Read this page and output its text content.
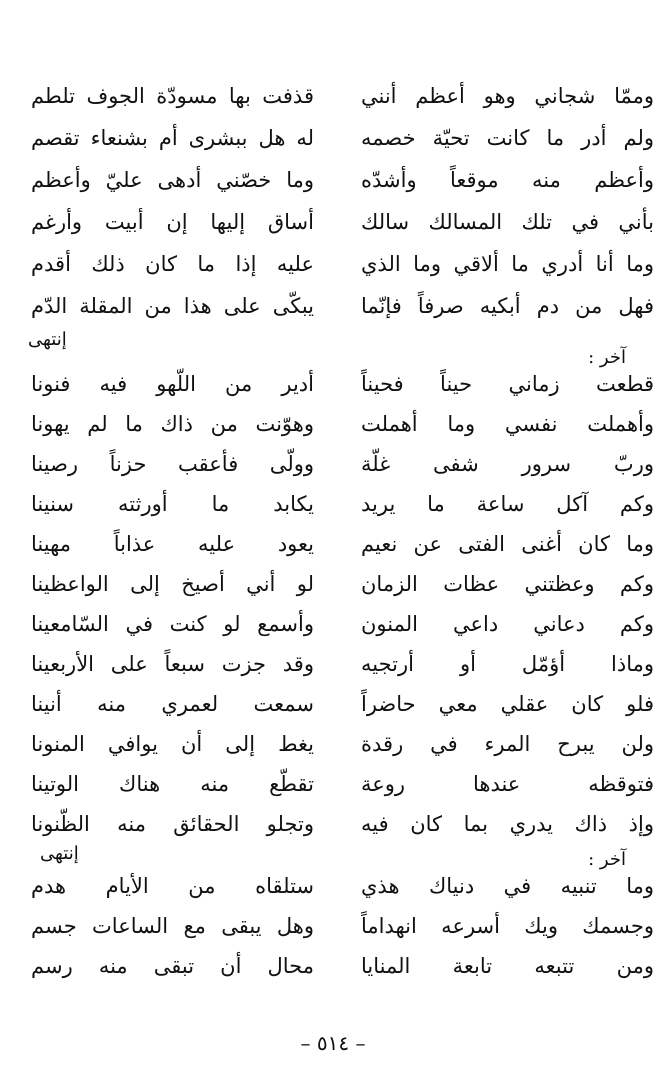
وممّا شجاني وهو أعظم أنني
قذفت بها مسودّة الجوف تلطم
ولم أدر ما كانت تحيّة خصمه
له هل ببشرى أم بشنعاء تقصم
وأعظم منه موقعاً وأشدّه
وما خصّني أدهى عليّ وأعظم
بأني في تلك المسالك سالك
أساق إليها إن أبيت وأرغم
وما أنا أدري ما ألاقي وما الذي
عليه إذا ما كان ذلك أقدم
فهل من دم أبكيه صرفاً فإنّما
يبكّى على هذا من المقلة الدّم
إنتهى
آخر :
قطعت زماني حيناً فحيناً
أدير من اللّهو فيه فنونا
وأهملت نفسي وما أهملت
وهوّنت من ذاك ما لم يهونا
وربّ سرور شفى غلّة
وولّى فأعقب حزناً رصينا
وكم آكل ساعة ما يريد
يكابد ما أورثته سنينا
وما كان أغنى الفتى عن نعيم
يعود عليه عذاباً مهينا
وكم وعظتني عظات الزمان
لو أني أصيخ إلى الواعظينا
وكم دعاني داعي المنون
وأسمع لو كنت في السّامعينا
وماذا أؤمّل أو أرتجيه
وقد جزت سبعاً على الأربعينا
فلو كان عقلي معي حاضراً
سمعت لعمري منه أنينا
ولن يبرح المرء في رقدة
يغط إلى أن يوافي المنونا
فتوقظه عندها روعة
تقطّع منه هناك الوتينا
وإذ ذاك يدري بما كان فيه
وتجلو الحقائق منه الظّنونا
إنتهى	آخر :
وما تنبيه في دنياك هذي
ستلقاه من الأيام هدم
وجسمك ويك أسرعه انهداماً
وهل يبقى مع الساعات جسم
ومن تتبعه تابعة المنايا
محال أن تبقى منه رسم
– ٥١٤ –
